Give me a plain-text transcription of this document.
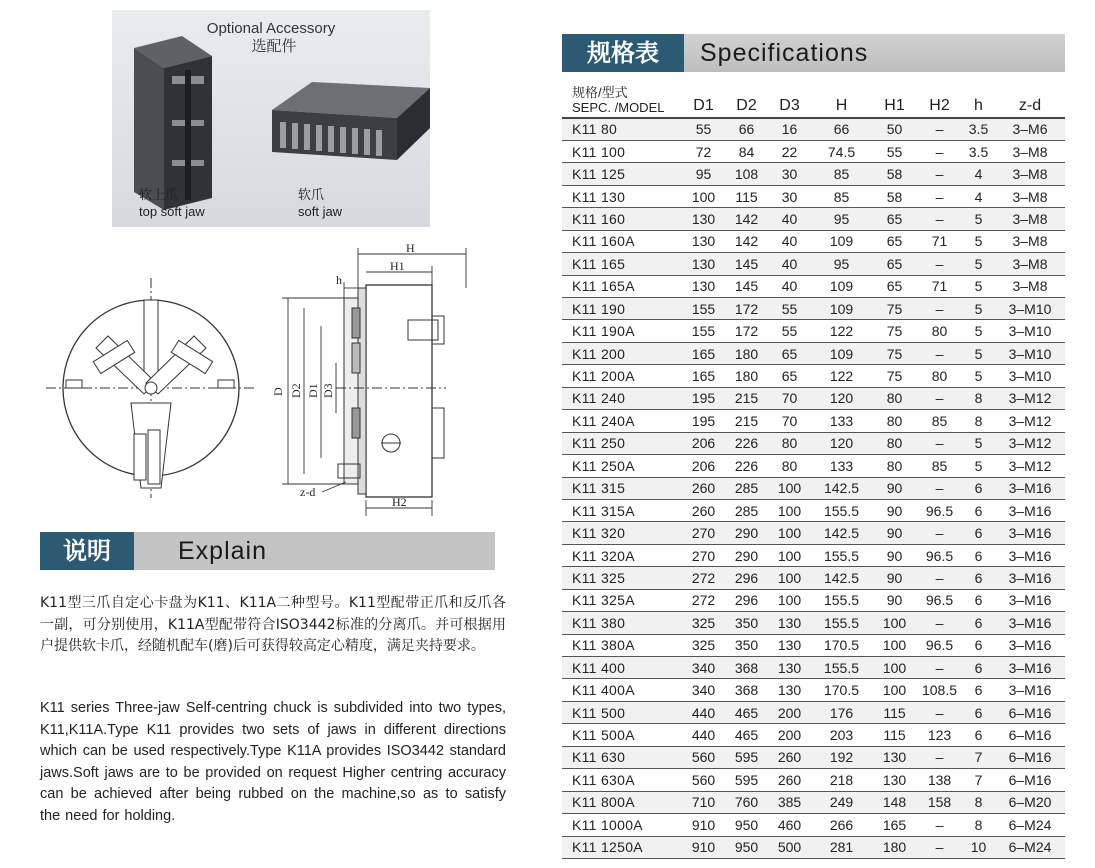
Optional Accessory
选配件
软上爪
top soft jaw
软爪
soft jaw
H
H1
h
D D2 D1 D3
z-d
H2
说明	Explain
K11型三爪自定心卡盘为K11、K11A二种型号。K11型配带正爪和反爪各一副，可分别使用，K11A型配带符合ISO3442标准的分离爪。并可根据用户提供软卡爪，经随机配车(磨)后可获得较高定心精度，满足夹持要求。
K11 series Three-jaw Self-centring chuck is subdivided into two types, K11,K11A.Type K11 provides two sets of jaws in different directions which can be used respectively.Type K11A provides ISO3442 standard jaws.Soft jaws are to be provided on request Higher centring accuracy can be achieved after being rubbed on the machine,so as to satisfy the need for holding.
规格表	Specifications
规格/型式
SEPC. /MODEL	D1	D2	D3	H	H1	H2	h	z-d
K11 80	55	66	16	66	50	–	3.5	3–M6
K11 100	72	84	22	74.5	55	–	3.5	3–M8
K11 125	95	108	30	85	58	–	4	3–M8
K11 130	100	115	30	85	58	–	4	3–M8
K11 160	130	142	40	95	65	–	5	3–M8
K11 160A	130	142	40	109	65	71	5	3–M8
K11 165	130	145	40	95	65	–	5	3–M8
K11 165A	130	145	40	109	65	71	5	3–M8
K11 190	155	172	55	109	75	–	5	3–M10
K11 190A	155	172	55	122	75	80	5	3–M10
K11 200	165	180	65	109	75	–	5	3–M10
K11 200A	165	180	65	122	75	80	5	3–M10
K11 240	195	215	70	120	80	–	8	3–M12
K11 240A	195	215	70	133	80	85	8	3–M12
K11 250	206	226	80	120	80	–	5	3–M12
K11 250A	206	226	80	133	80	85	5	3–M12
K11 315	260	285	100	142.5	90	–	6	3–M16
K11 315A	260	285	100	155.5	90	96.5	6	3–M16
K11 320	270	290	100	142.5	90	–	6	3–M16
K11 320A	270	290	100	155.5	90	96.5	6	3–M16
K11 325	272	296	100	142.5	90	–	6	3–M16
K11 325A	272	296	100	155.5	90	96.5	6	3–M16
K11 380	325	350	130	155.5	100	–	6	3–M16
K11 380A	325	350	130	170.5	100	96.5	6	3–M16
K11 400	340	368	130	155.5	100	–	6	3–M16
K11 400A	340	368	130	170.5	100	108.5	6	3–M16
K11 500	440	465	200	176	115	–	6	6–M16
K11 500A	440	465	200	203	115	123	6	6–M16
K11 630	560	595	260	192	130	–	7	6–M16
K11 630A	560	595	260	218	130	138	7	6–M16
K11 800A	710	760	385	249	148	158	8	6–M20
K11 1000A	910	950	460	266	165	–	8	6–M24
K11 1250A	910	950	500	281	180	–	10	6–M24
